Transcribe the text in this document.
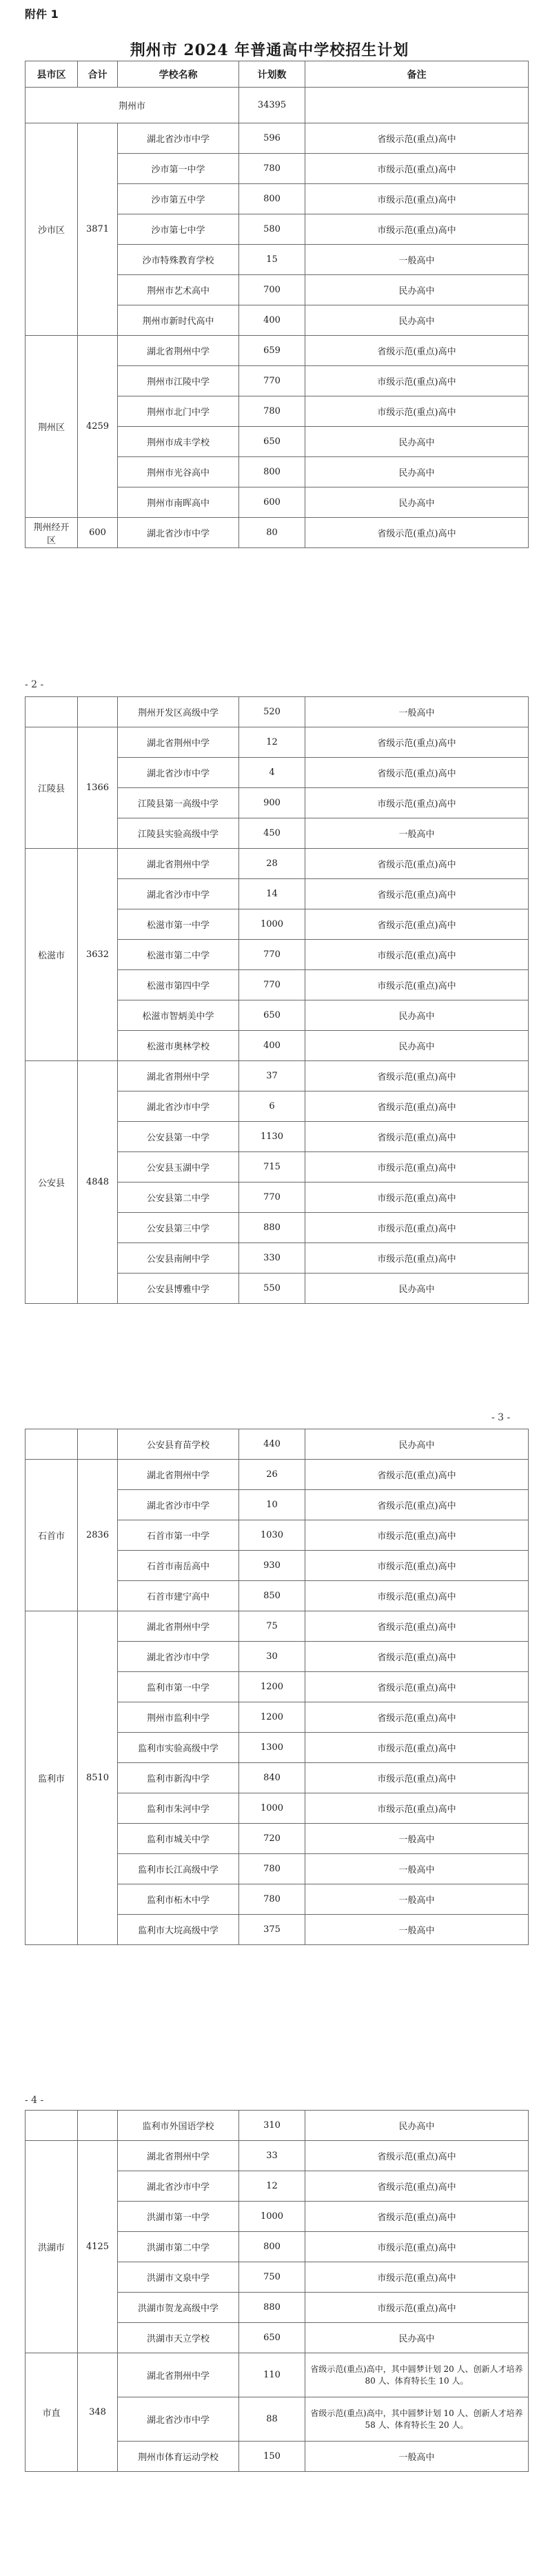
附件 1
荆州市 2024 年普通高中学校招生计划
县市区	合计	学校名称	计划数	备注
荆州市			34395	
沙市区	3871	湖北省沙市中学	596	省级示范(重点)高中
		沙市第一中学	780	市级示范(重点)高中
		沙市第五中学	800	市级示范(重点)高中
		沙市第七中学	580	市级示范(重点)高中
		沙市特殊教育学校	15	一般高中
		荆州市艺术高中	700	民办高中
		荆州市新时代高中	400	民办高中
荆州区	4259	湖北省荆州中学	659	省级示范(重点)高中
		荆州市江陵中学	770	市级示范(重点)高中
		荆州市北门中学	780	市级示范(重点)高中
		荆州市成丰学校	650	民办高中
		荆州市光谷高中	800	民办高中
		荆州市南晖高中	600	民办高中
荆州经开区	600	湖北省沙市中学	80	省级示范(重点)高中
- 2 -
		荆州开发区高级中学	520	一般高中
江陵县	1366	湖北省荆州中学	12	省级示范(重点)高中
		湖北省沙市中学	4	省级示范(重点)高中
		江陵县第一高级中学	900	市级示范(重点)高中
		江陵县实验高级中学	450	一般高中
松滋市	3632	湖北省荆州中学	28	省级示范(重点)高中
		湖北省沙市中学	14	省级示范(重点)高中
		松滋市第一中学	1000	省级示范(重点)高中
		松滋市第二中学	770	市级示范(重点)高中
		松滋市第四中学	770	市级示范(重点)高中
		松滋市智炳美中学	650	民办高中
		松滋市奥林学校	400	民办高中
公安县	4848	湖北省荆州中学	37	省级示范(重点)高中
		湖北省沙市中学	6	省级示范(重点)高中
		公安县第一中学	1130	省级示范(重点)高中
		公安县玉湖中学	715	市级示范(重点)高中
		公安县第二中学	770	市级示范(重点)高中
		公安县第三中学	880	市级示范(重点)高中
		公安县南闸中学	330	市级示范(重点)高中
		公安县博雅中学	550	民办高中
- 3 -
		公安县育苗学校	440	民办高中
石首市	2836	湖北省荆州中学	26	省级示范(重点)高中
		湖北省沙市中学	10	省级示范(重点)高中
		石首市第一中学	1030	市级示范(重点)高中
		石首市南岳高中	930	市级示范(重点)高中
		石首市建宁高中	850	市级示范(重点)高中
监利市	8510	湖北省荆州中学	75	省级示范(重点)高中
		湖北省沙市中学	30	省级示范(重点)高中
		监利市第一中学	1200	省级示范(重点)高中
		荆州市监利中学	1200	省级示范(重点)高中
		监利市实验高级中学	1300	市级示范(重点)高中
		监利市新沟中学	840	市级示范(重点)高中
		监利市朱河中学	1000	市级示范(重点)高中
		监利市城关中学	720	一般高中
		监利市长江高级中学	780	一般高中
		监利市柘木中学	780	一般高中
		监利市大垸高级中学	375	一般高中
- 4 -
		监利市外国语学校	310	民办高中
洪湖市	4125	湖北省荆州中学	33	省级示范(重点)高中
		湖北省沙市中学	12	省级示范(重点)高中
		洪湖市第一中学	1000	省级示范(重点)高中
		洪湖市第二中学	800	市级示范(重点)高中
		洪湖市文泉中学	750	市级示范(重点)高中
		洪湖市贺龙高级中学	880	市级示范(重点)高中
		洪湖市天立学校	650	民办高中
市直	348	湖北省荆州中学	110	省级示范(重点)高中，其中圆梦计划 20 人、创新人才培养 80 人、体育特长生 10 人。
		湖北省沙市中学	88	省级示范(重点)高中，其中圆梦计划 10 人、创新人才培养 58 人、体育特长生 20 人。
		荆州市体育运动学校	150	一般高中
